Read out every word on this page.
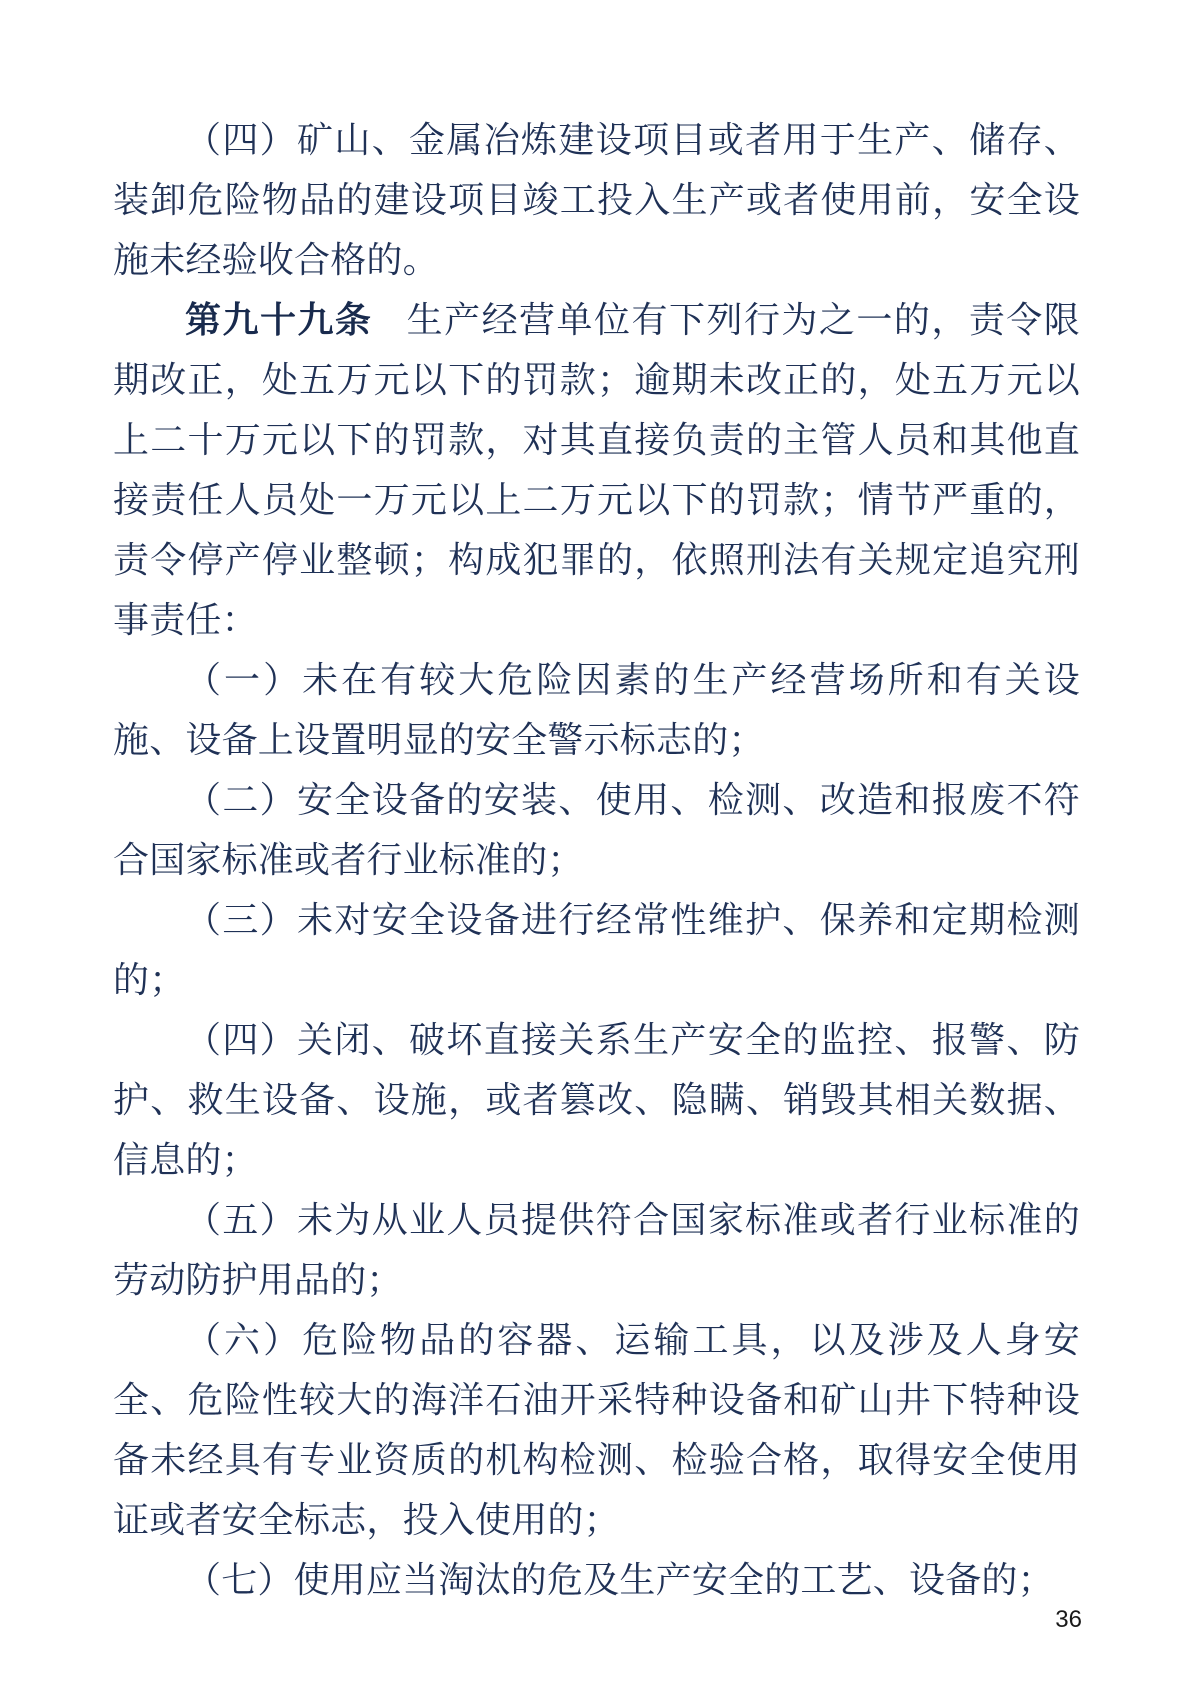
（四）矿山、金属冶炼建设项目或者用于生产、储存、装卸危险物品的建设项目竣工投入生产或者使用前，安全设施未经验收合格的。

第九十九条 生产经营单位有下列行为之一的，责令限期改正，处五万元以下的罚款；逾期未改正的，处五万元以上二十万元以下的罚款，对其直接负责的主管人员和其他直接责任人员处一万元以上二万元以下的罚款；情节严重的，责令停产停业整顿；构成犯罪的，依照刑法有关规定追究刑事责任：

（一）未在有较大危险因素的生产经营场所和有关设施、设备上设置明显的安全警示标志的；

（二）安全设备的安装、使用、检测、改造和报废不符合国家标准或者行业标准的；

（三）未对安全设备进行经常性维护、保养和定期检测的；

（四）关闭、破坏直接关系生产安全的监控、报警、防护、救生设备、设施，或者篡改、隐瞒、销毁其相关数据、信息的；

（五）未为从业人员提供符合国家标准或者行业标准的劳动防护用品的；

（六）危险物品的容器、运输工具，以及涉及人身安全、危险性较大的海洋石油开采特种设备和矿山井下特种设备未经具有专业资质的机构检测、检验合格，取得安全使用证或者安全标志，投入使用的；

（七）使用应当淘汰的危及生产安全的工艺、设备的；

36
